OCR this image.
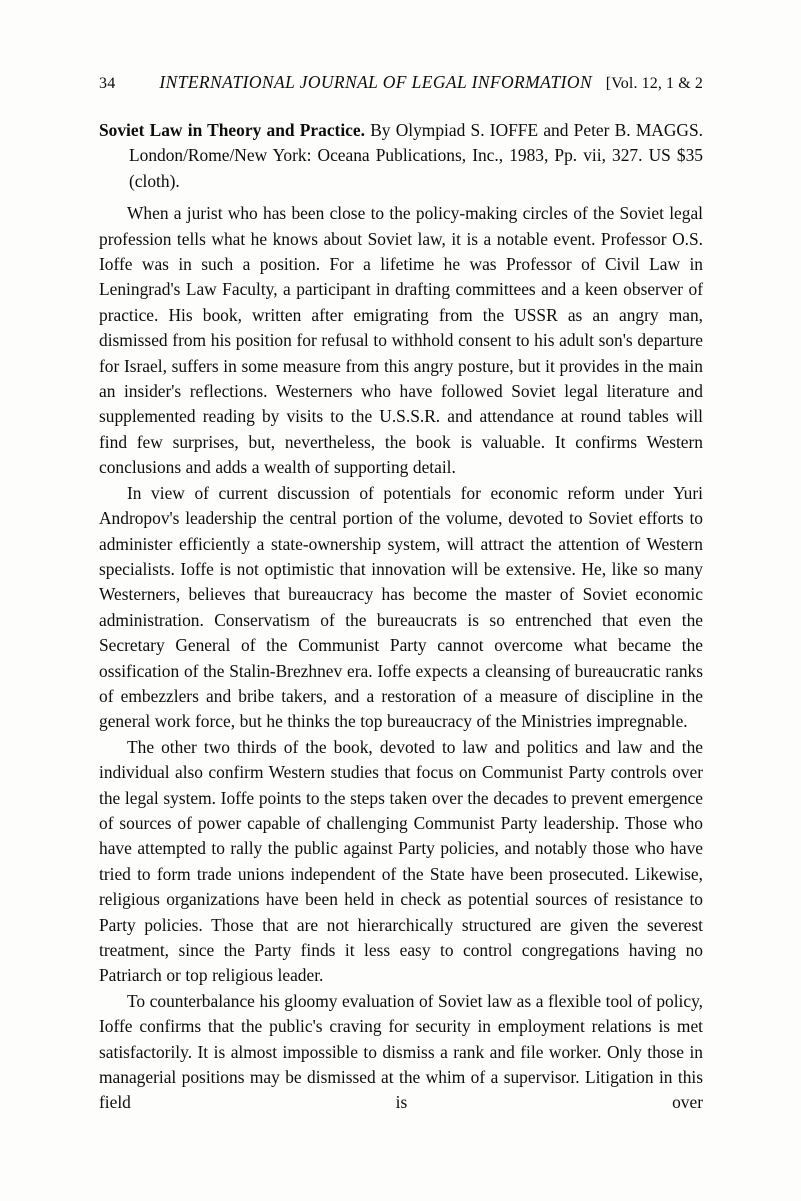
34	INTERNATIONAL JOURNAL OF LEGAL INFORMATION [Vol. 12, 1 & 2

Soviet Law in Theory and Practice. By Olympiad S. IOFFE and Peter B. MAGGS. London/Rome/New York: Oceana Publications, Inc., 1983, Pp. vii, 327. US $35 (cloth).

When a jurist who has been close to the policy-making circles of the Soviet legal profession tells what he knows about Soviet law, it is a notable event. Professor O.S. Ioffe was in such a position. For a lifetime he was Professor of Civil Law in Leningrad's Law Faculty, a participant in drafting committees and a keen observer of practice. His book, written after emigrating from the USSR as an angry man, dismissed from his position for refusal to withhold consent to his adult son's departure for Israel, suffers in some measure from this angry posture, but it provides in the main an insider's reflections. Westerners who have followed Soviet legal literature and supplemented reading by visits to the U.S.S.R. and attendance at round tables will find few surprises, but, nevertheless, the book is valuable. It confirms Western conclusions and adds a wealth of supporting detail.

In view of current discussion of potentials for economic reform under Yuri Andropov's leadership the central portion of the volume, devoted to Soviet efforts to administer efficiently a state-ownership system, will attract the attention of Western specialists. Ioffe is not optimistic that innovation will be extensive. He, like so many Westerners, believes that bureaucracy has become the master of Soviet economic administration. Conservatism of the bureaucrats is so entrenched that even the Secretary General of the Communist Party cannot overcome what became the ossification of the Stalin-Brezhnev era. Ioffe expects a cleansing of bureaucratic ranks of embezzlers and bribe takers, and a restoration of a measure of discipline in the general work force, but he thinks the top bureaucracy of the Ministries impregnable.

The other two thirds of the book, devoted to law and politics and law and the individual also confirm Western studies that focus on Communist Party controls over the legal system. Ioffe points to the steps taken over the decades to prevent emergence of sources of power capable of challenging Communist Party leadership. Those who have attempted to rally the public against Party policies, and notably those who have tried to form trade unions independent of the State have been prosecuted. Likewise, religious organizations have been held in check as potential sources of resistance to Party policies. Those that are not hierarchically structured are given the severest treatment, since the Party finds it less easy to control congregations having no Patriarch or top religious leader.

To counterbalance his gloomy evaluation of Soviet law as a flexible tool of policy, Ioffe confirms that the public's craving for security in employment relations is met satisfactorily. It is almost impossible to dismiss a rank and file worker. Only those in managerial positions may be dismissed at the whim of a supervisor. Litigation in this field is over
